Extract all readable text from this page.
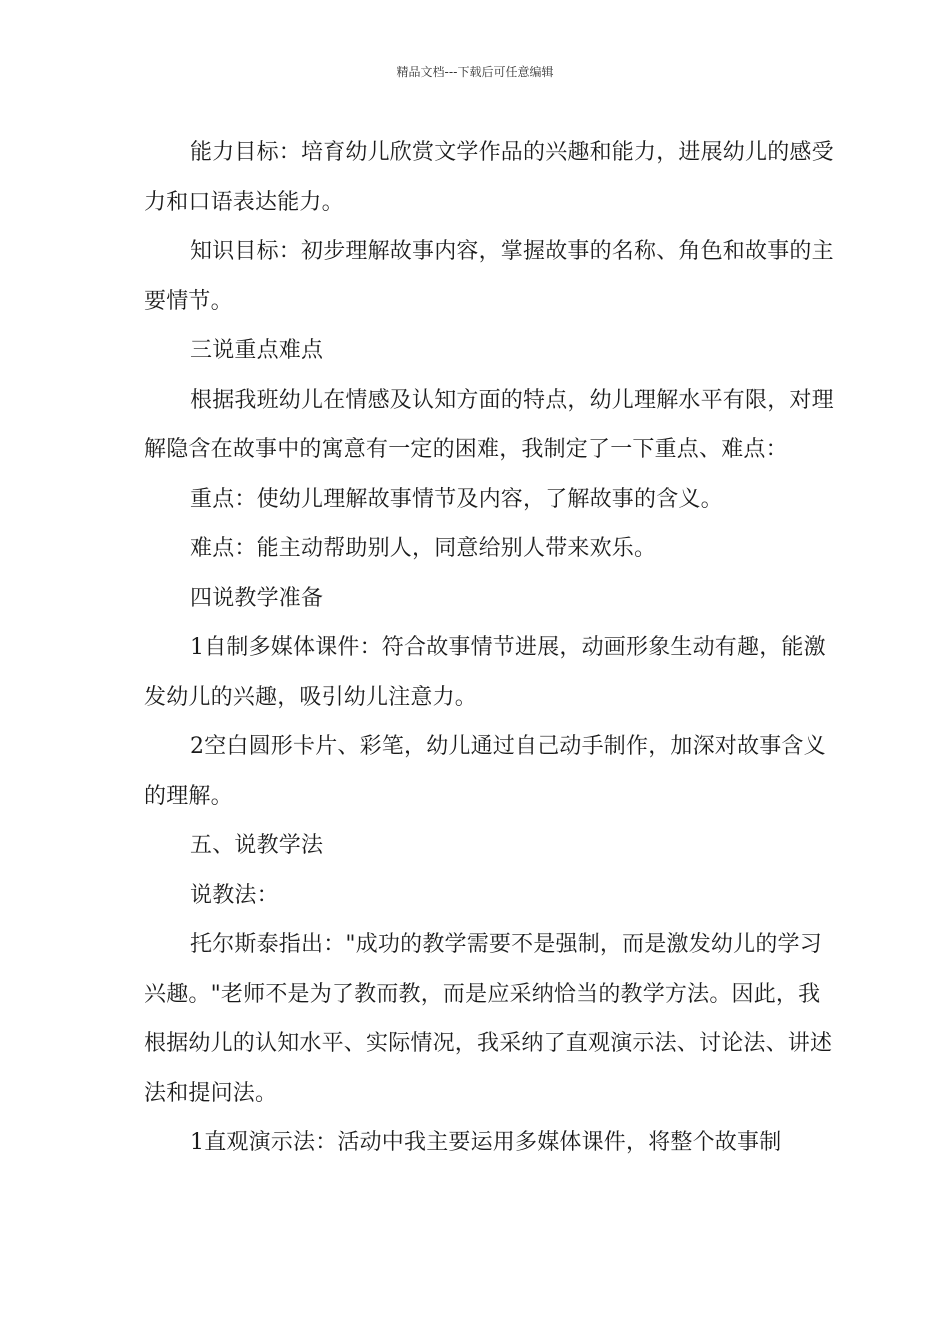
精品文档---下载后可任意编辑

能力目标：培育幼儿欣赏文学作品的兴趣和能力，进展幼儿的感受力和口语表达能力。

知识目标：初步理解故事内容，掌握故事的名称、角色和故事的主要情节。

三说重点难点

根据我班幼儿在情感及认知方面的特点，幼儿理解水平有限，对理解隐含在故事中的寓意有一定的困难，我制定了一下重点、难点：

重点：使幼儿理解故事情节及内容，了解故事的含义。

难点：能主动帮助别人，同意给别人带来欢乐。

四说教学准备

1自制多媒体课件：符合故事情节进展，动画形象生动有趣，能激发幼儿的兴趣，吸引幼儿注意力。

2空白圆形卡片、彩笔，幼儿通过自己动手制作，加深对故事含义的理解。

五、说教学法

说教法：

托尔斯泰指出："成功的教学需要不是强制，而是激发幼儿的学习兴趣。"老师不是为了教而教，而是应采纳恰当的教学方法。因此，我根据幼儿的认知水平、实际情况，我采纳了直观演示法、讨论法、讲述法和提问法。

1直观演示法：活动中我主要运用多媒体课件，将整个故事制
